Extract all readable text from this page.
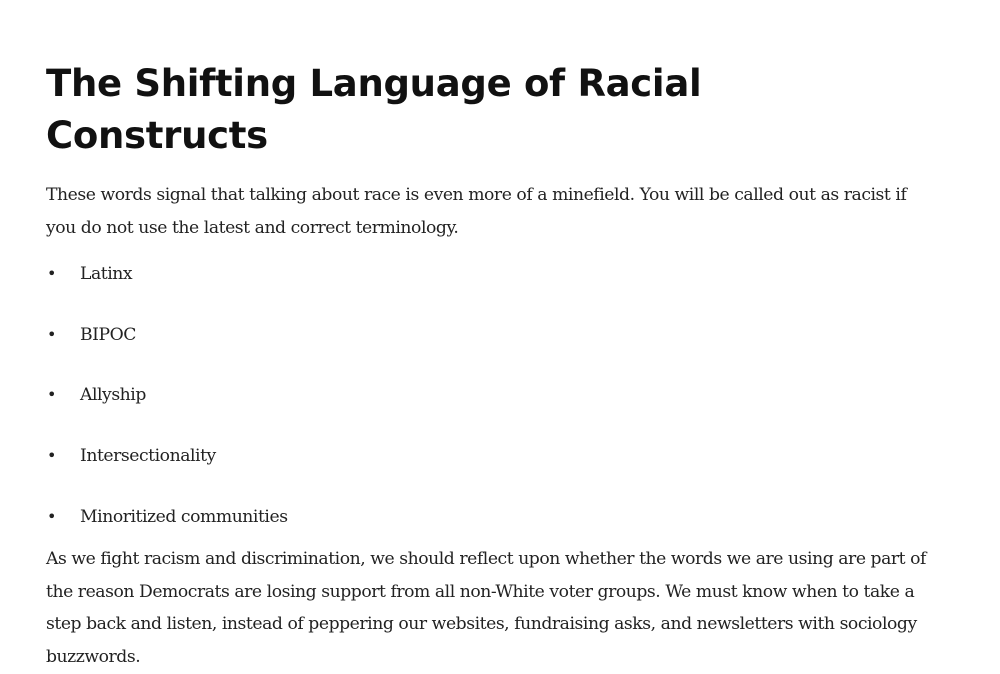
The Shifting Language of Racial Constructs

These words signal that talking about race is even more of a minefield. You will be called out as racist if you do not use the latest and correct terminology.

• Latinx
• BIPOC
• Allyship
• Intersectionality
• Minoritized communities

As we fight racism and discrimination, we should reflect upon whether the words we are using are part of the reason Democrats are losing support from all non-White voter groups. We must know when to take a step back and listen, instead of peppering our websites, fundraising asks, and newsletters with sociology buzzwords.
